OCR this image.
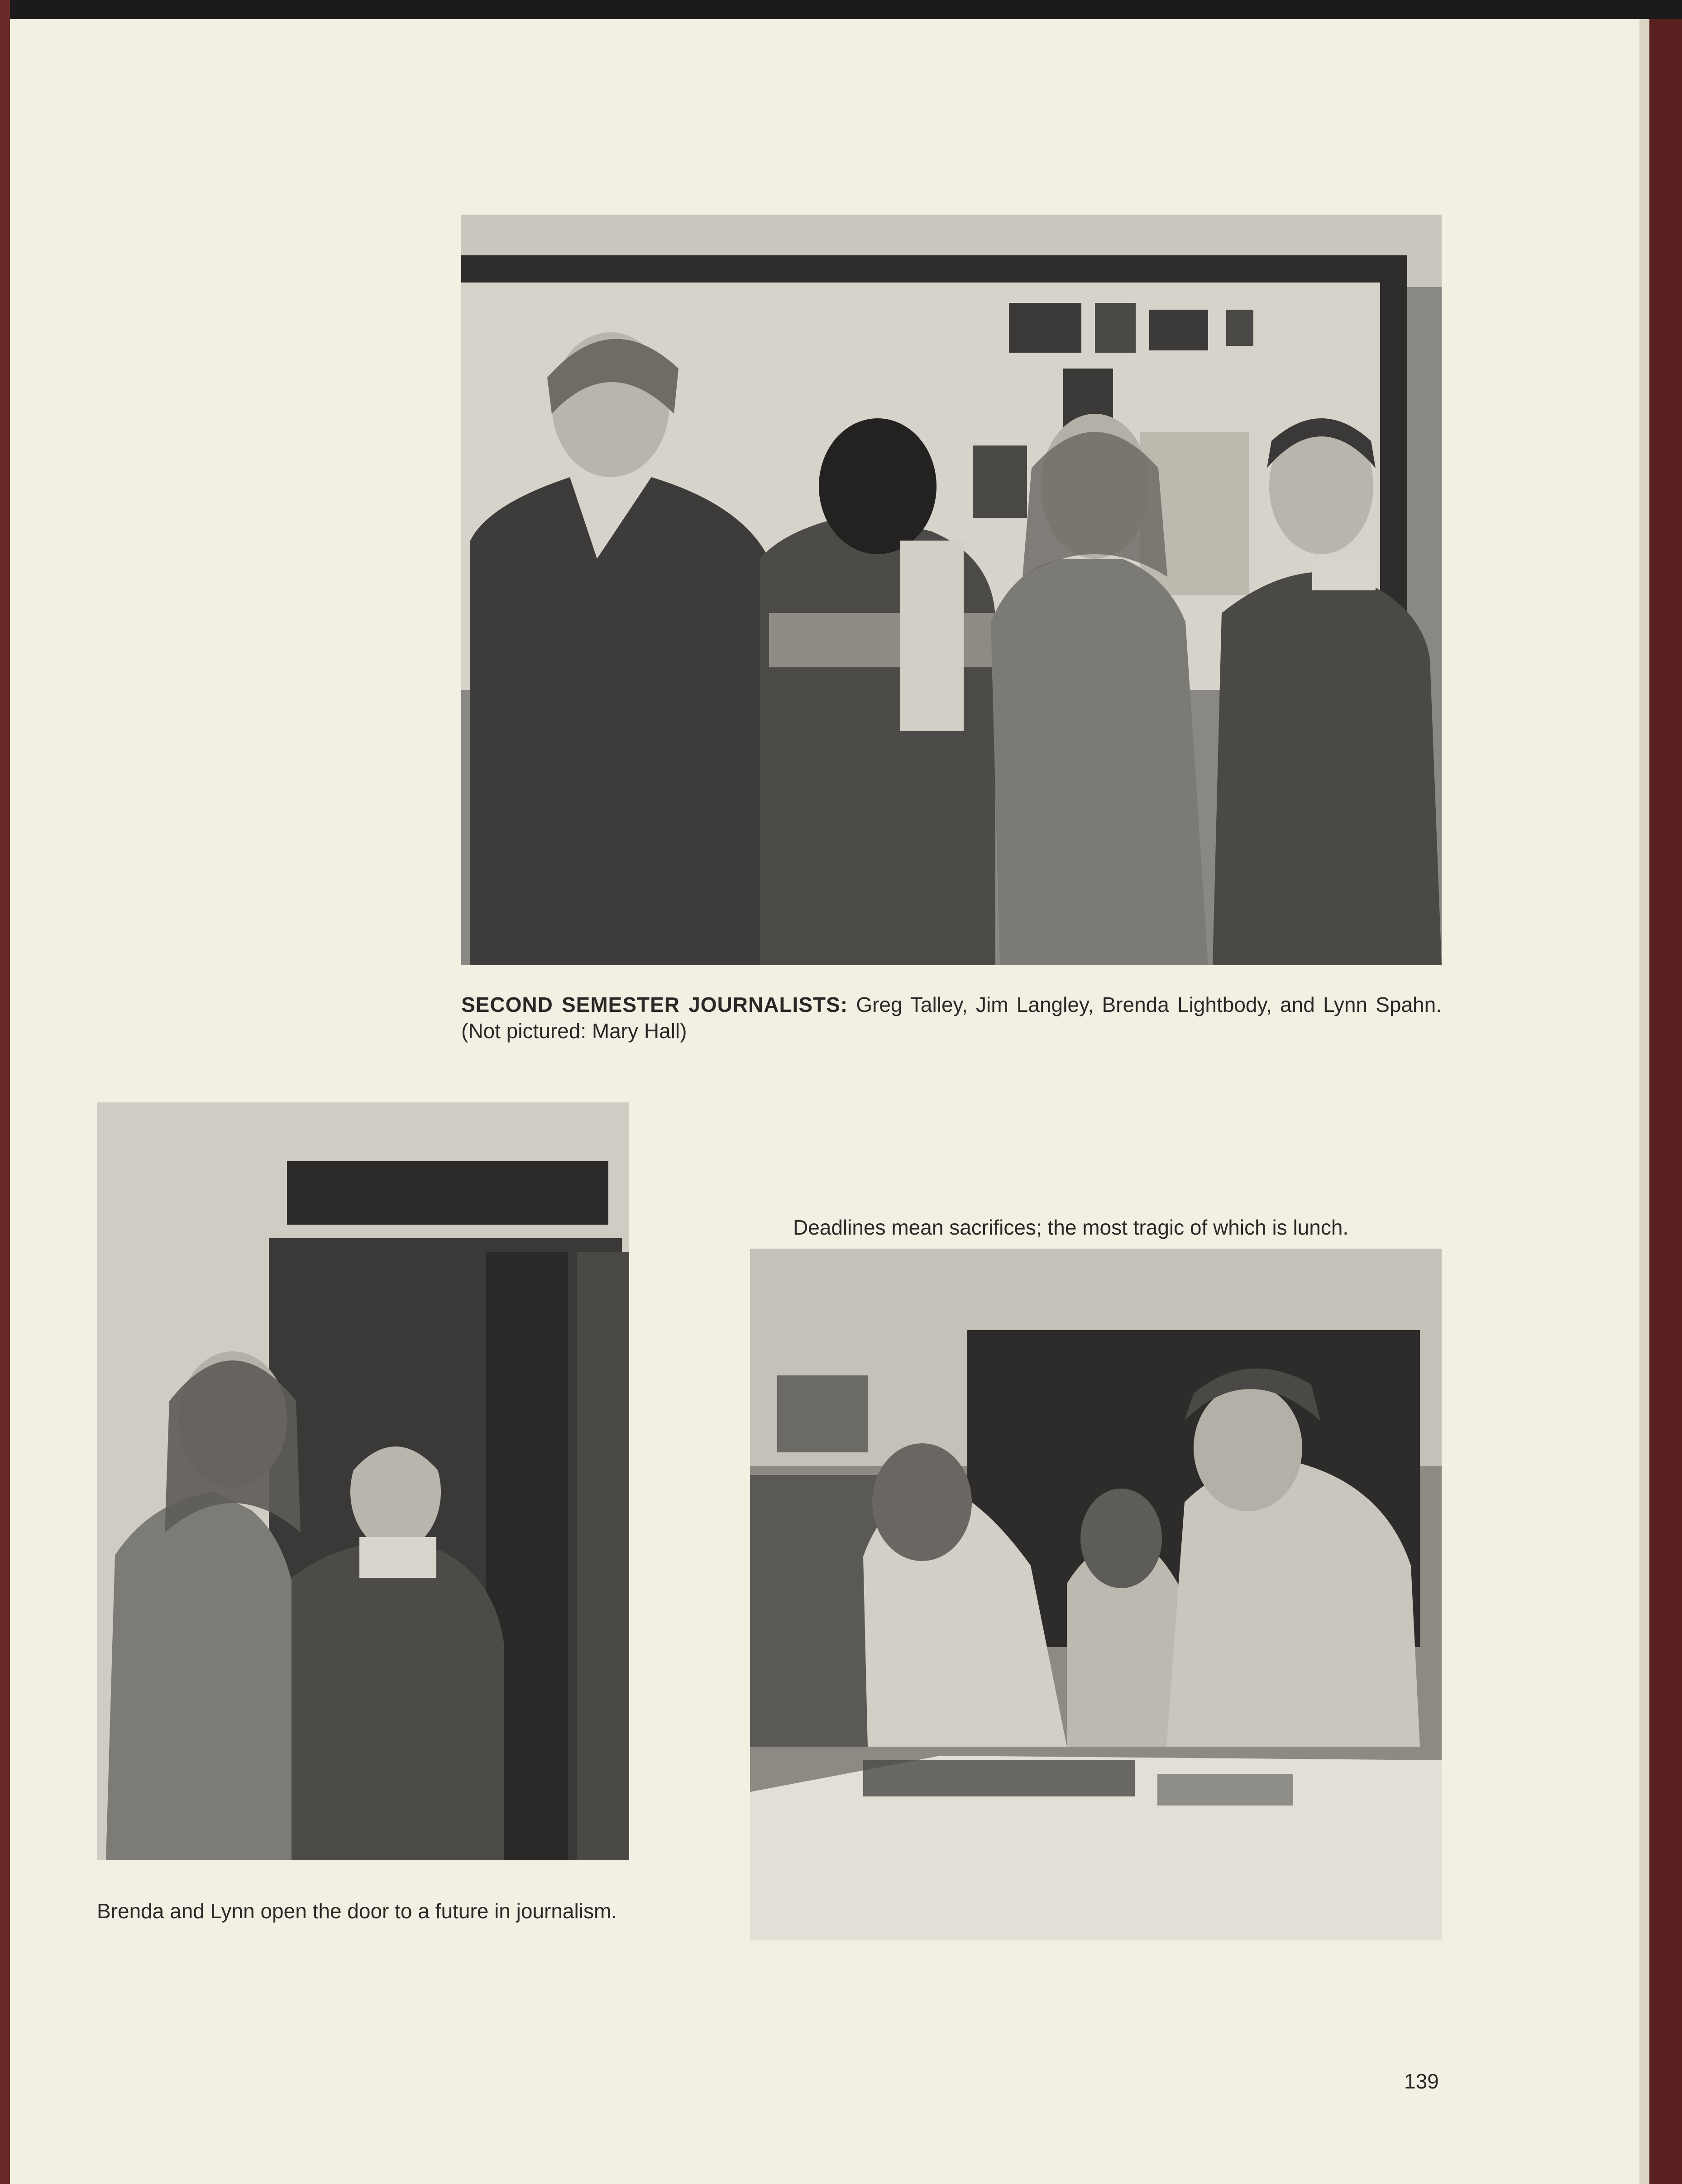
SECOND SEMESTER JOURNALISTS: Greg Talley, Jim Langley, Brenda Lightbody, and Lynn Spahn. (Not pictured: Mary Hall)
Brenda and Lynn open the door to a future in journalism.
Deadlines mean sacrifices; the most tragic of which is lunch.
139
